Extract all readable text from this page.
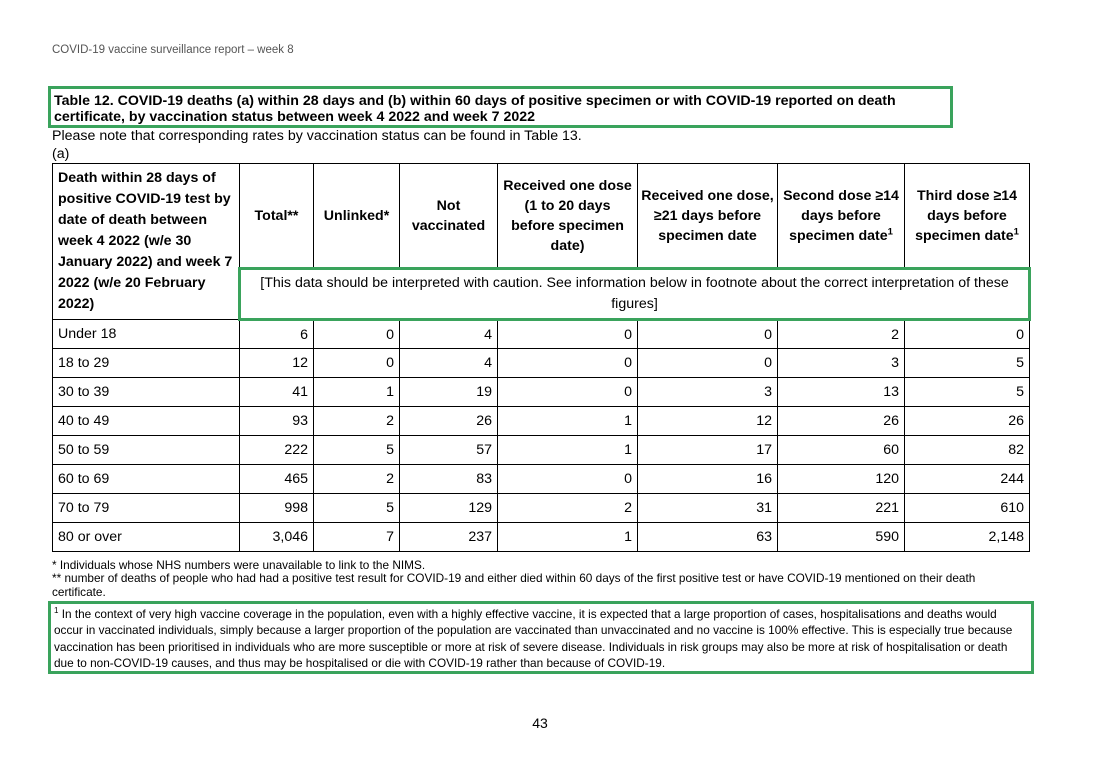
COVID-19 vaccine surveillance report – week 8
Table 12. COVID-19 deaths (a) within 28 days and (b) within 60 days of positive specimen or with COVID-19 reported on death certificate, by vaccination status between week 4 2022 and week 7 2022
Please note that corresponding rates by vaccination status can be found in Table 13.
(a)
Death within 28 days of positive COVID-19 test by date of death between week 4 2022 (w/e 30 January 2022) and week 7 2022 (w/e 20 February 2022)	Total**	Unlinked*	Not vaccinated	Received one dose (1 to 20 days before specimen date)	Received one dose, ≥21 days before specimen date	Second dose ≥14 days before specimen date$^1$	Third dose ≥14 days before specimen date$^1$
	[This data should be interpreted with caution. See information below in footnote about the correct interpretation of these figures]						
Under 18	6	0	4	0	0	2	0
18 to 29	12	0	4	0	0	3	5
30 to 39	41	1	19	0	3	13	5
40 to 49	93	2	26	1	12	26	26
50 to 59	222	5	57	1	17	60	82
60 to 69	465	2	83	0	16	120	244
70 to 79	998	5	129	2	31	221	610
80 or over	3,046	7	237	1	63	590	2,148
* Individuals whose NHS numbers were unavailable to link to the NIMS.
** number of deaths of people who had had a positive test result for COVID-19 and either died within 60 days of the first positive test or have COVID-19 mentioned on their death certificate.
$^1$ In the context of very high vaccine coverage in the population, even with a highly effective vaccine, it is expected that a large proportion of cases, hospitalisations and deaths would occur in vaccinated individuals, simply because a larger proportion of the population are vaccinated than unvaccinated and no vaccine is 100% effective. This is especially true because vaccination has been prioritised in individuals who are more susceptible or more at risk of severe disease. Individuals in risk groups may also be more at risk of hospitalisation or death due to non-COVID-19 causes, and thus may be hospitalised or die with COVID-19 rather than because of COVID-19.
43
